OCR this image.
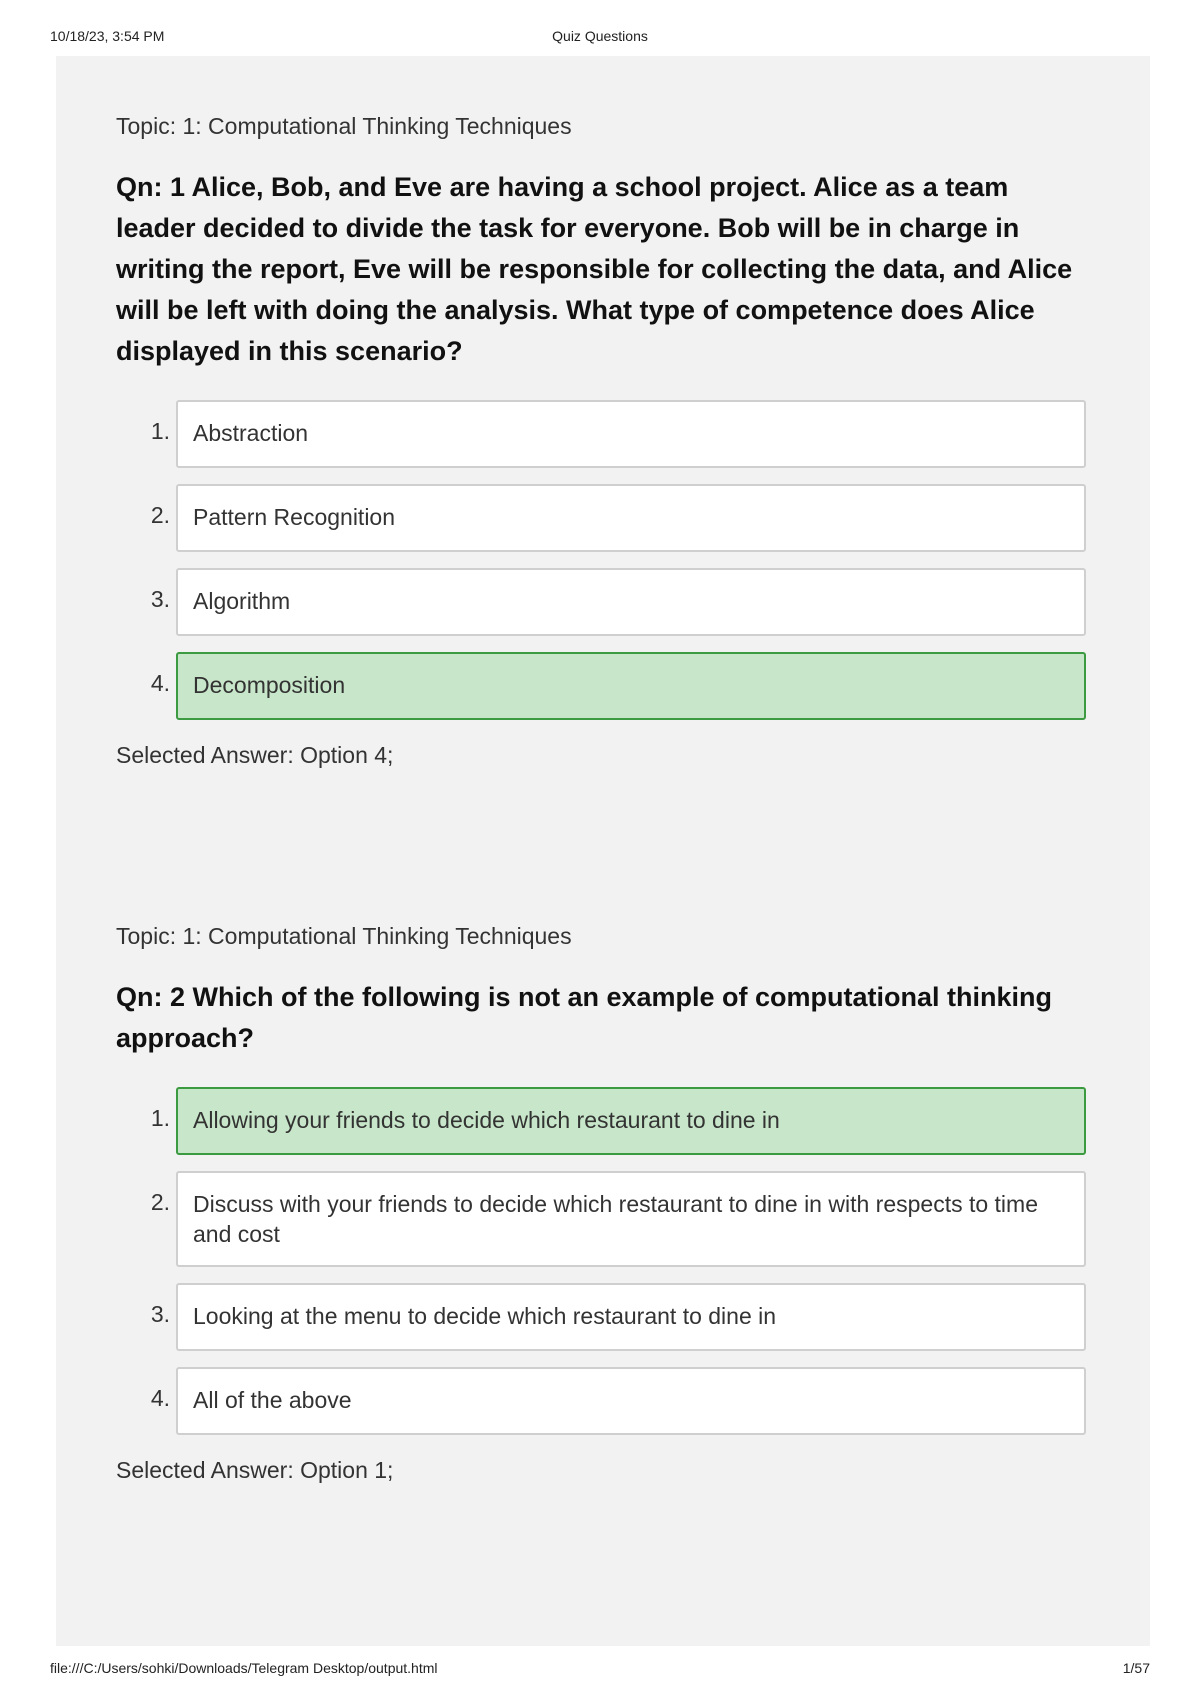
10/18/23, 3:54 PM	Quiz Questions
Topic: 1: Computational Thinking Techniques
Qn: 1 Alice, Bob, and Eve are having a school project. Alice as a team leader decided to divide the task for everyone. Bob will be in charge in writing the report, Eve will be responsible for collecting the data, and Alice will be left with doing the analysis. What type of competence does Alice displayed in this scenario?
1.	Abstraction
2.	Pattern Recognition
3.	Algorithm
4.	Decomposition
Selected Answer: Option 4;
Topic: 1: Computational Thinking Techniques
Qn: 2 Which of the following is not an example of computational thinking approach?
1.	Allowing your friends to decide which restaurant to dine in
2.	Discuss with your friends to decide which restaurant to dine in with respects to time and cost
3.	Looking at the menu to decide which restaurant to dine in
4.	All of the above
Selected Answer: Option 1;
file:///C:/Users/sohki/Downloads/Telegram Desktop/output.html	1/57
